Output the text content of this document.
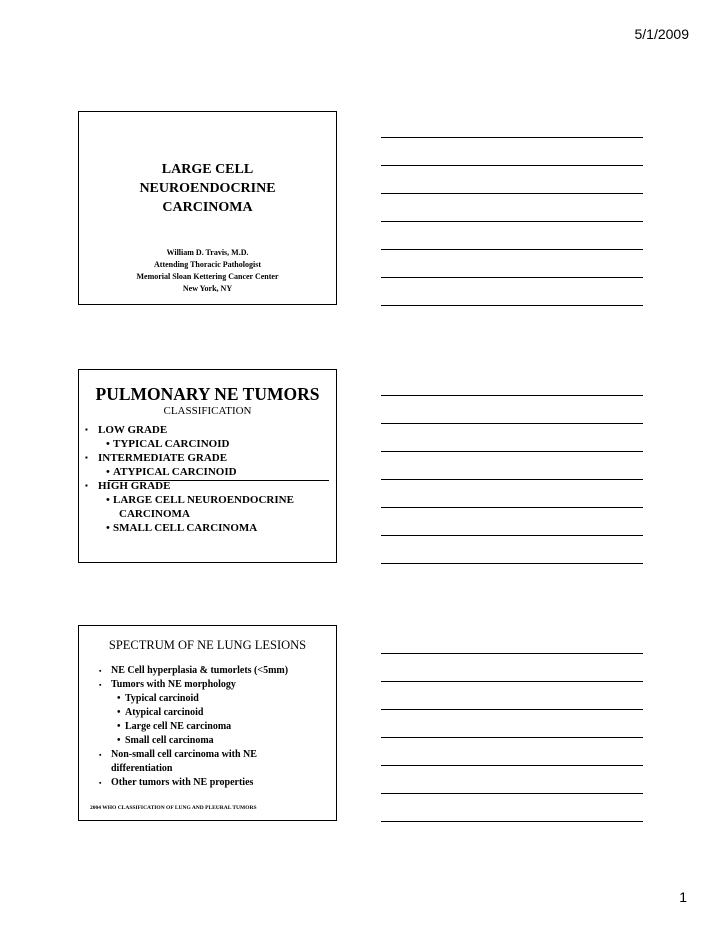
5/1/2009
LARGE CELL
NEUROENDOCRINE
CARCINOMA
William D. Travis, M.D.
Attending Thoracic Pathologist
Memorial Sloan Kettering Cancer Center
New York, NY
PULMONARY NE TUMORS
CLASSIFICATION
▪ LOW GRADE
• TYPICAL CARCINOID
▪ INTERMEDIATE GRADE
• ATYPICAL CARCINOID
▪ HIGH GRADE
• LARGE CELL NEUROENDOCRINE
CARCINOMA
• SMALL CELL CARCINOMA
SPECTRUM OF NE LUNG LESIONS
▪ NE Cell hyperplasia & tumorlets (<5mm)
▪ Tumors with NE morphology
• Typical carcinoid
• Atypical carcinoid
• Large cell NE carcinoma
• Small cell carcinoma
▪ Non-small cell carcinoma with NE
differentiation
▪ Other tumors with NE properties
2004 WHO CLASSIFICATION OF LUNG AND PLEURAL TUMORS
1
